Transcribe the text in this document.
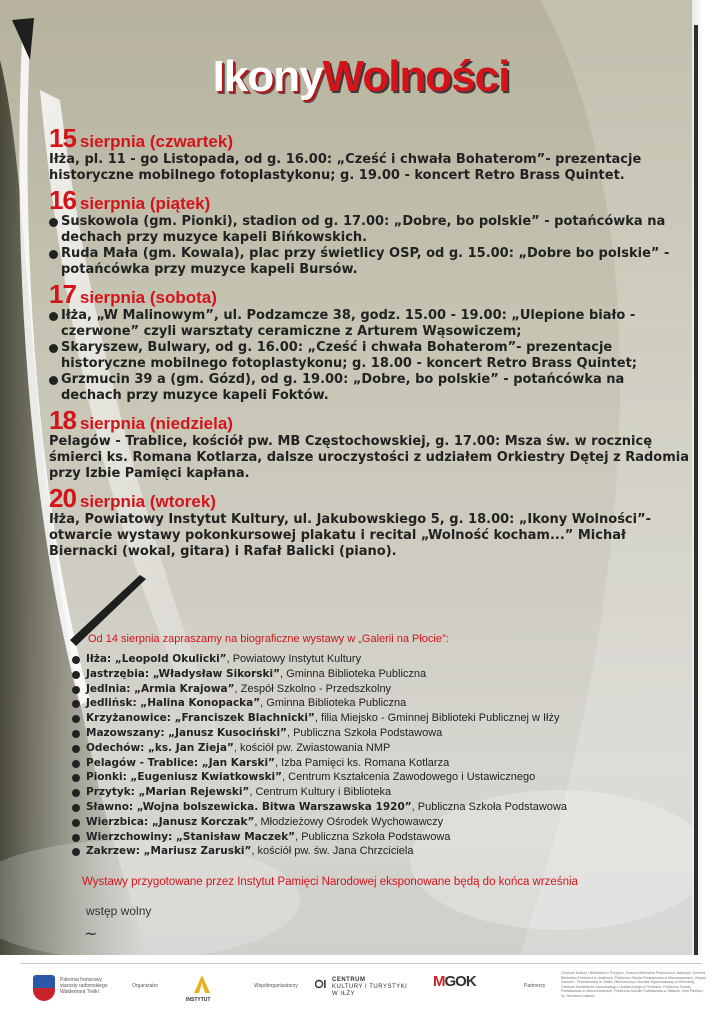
IkonyWolności
15 sierpnia (czwartek)

Iłża, pl. 11 - go Listopada, od g. 16.00: „Cześć i chwała Bohaterom”- prezentacje historyczne mobilnego fotoplastykonu; g. 19.00 - koncert Retro Brass Quintet.

16 sierpnia (piątek)
Suskowola (gm. Pionki), stadion od g. 17.00: „Dobre, bo polskie” - potańcówka na dechach przy muzyce kapeli Bińkowskich.
Ruda Mała (gm. Kowala), plac przy świetlicy OSP, od g. 15.00: „Dobre bo polskie” - potańcówka przy muzyce kapeli Bursów.
17 sierpnia (sobota)
Iłża, „W Malinowym”, ul. Podzamcze 38, godz. 15.00 - 19.00: „Ulepione biało - czerwone” czyli warsztaty ceramiczne z Arturem Wąsowiczem;
Skaryszew, Bulwary, od g. 16.00: „Cześć i chwała Bohaterom”- prezentacje historyczne mobilnego fotoplastykonu; g. 18.00 - koncert Retro Brass Quintet;
Grzmucin 39 a (gm. Gózd), od g. 19.00: „Dobre, bo polskie” - potańcówka na dechach przy muzyce kapeli Foktów.
18 sierpnia (niedziela)

Pelagów - Trablice, kościół pw. MB Częstochowskiej, g. 17.00: Msza św. w rocznicę śmierci ks. Romana Kotlarza, dalsze uroczystości z udziałem Orkiestry Dętej z Radomia przy Izbie Pamięci kapłana.

20 sierpnia (wtorek)

Iłża, Powiatowy Instytut Kultury, ul. Jakubowskiego 5, g. 18.00: „Ikony Wolności”- otwarcie wystawy pokonkursowej plakatu i recital „Wolność kocham...” Michał Biernacki (wokal, gitara) i Rafał Balicki (piano).

Od 14 sierpnia zapraszamy na biograficzne wystawy w „Galerii na Płocie”:
Iłża: „Leopold Okulicki”, Powiatowy Instytut Kultury
Jastrzębia: „Władysław Sikorski”, Gminna Biblioteka Publiczna
Jedlnia: „Armia Krajowa”, Zespół Szkolno - Przedszkolny
Jedlińsk: „Halina Konopacka”, Gminna Biblioteka Publiczna
Krzyżanowice: „Franciszek Blachnicki”, filia Miejsko - Gminnej Biblioteki Publicznej w Iłży
Mazowszany: „Janusz Kusociński”, Publiczna Szkoła Podstawowa
Odechów: „ks. Jan Zieja”, kościół pw. Zwiastowania NMP
Pelagów - Trablice: „Jan Karski”, Izba Pamięci ks. Romana Kotlarza
Pionki: „Eugeniusz Kwiatkowski”, Centrum Kształcenia Zawodowego i Ustawicznego
Przytyk: „Marian Rejewski”, Centrum Kultury i Biblioteka
Sławno: „Wojna bolszewicka. Bitwa Warszawska 1920”, Publiczna Szkoła Podstawowa
Wierzbica: „Janusz Korczak”, Młodzieżowy Ośrodek Wychowawczy
Wierzchowiny: „Stanisław Maczek”, Publiczna Szkoła Podstawowa
Zakrzew: „Mariusz Zaruski”, kościół pw. św. Jana Chrzciciela
Wystawy przygotowane przez Instytut Pamięci Narodowej eksponowane będą do końca września
wstęp wolny
~
Patronat honorowy starosty radomskiego Waldemara Trelki
Organizator
INSTYTUT
Współorganizatorzy
CENTRUM
KULTURY I TURYSTYKI
W IŁŻY
MGOK	Partnerzy
Centrum Kultury i Biblioteka w Przytyku, Gminna Biblioteka Publiczna w Jastrzębi, Gminna Biblioteka Publiczna w Jedlińsku, Publiczna Szkoła Podstawowa w Mazowszanach, Zespół Szkolno - Przedszkolny w Jedlni, Młodzieżowy Ośrodek Wychowawczy w Wierzbicy, Centrum Kształcenia Zawodowego i Ustawicznego w Pionkach, Publiczna Szkoła Podstawowa w Wierzchowinach, Publiczna Szkoła Podstawowa w Sławnie, Izba Pamięci ks. Romana Kotlarza
